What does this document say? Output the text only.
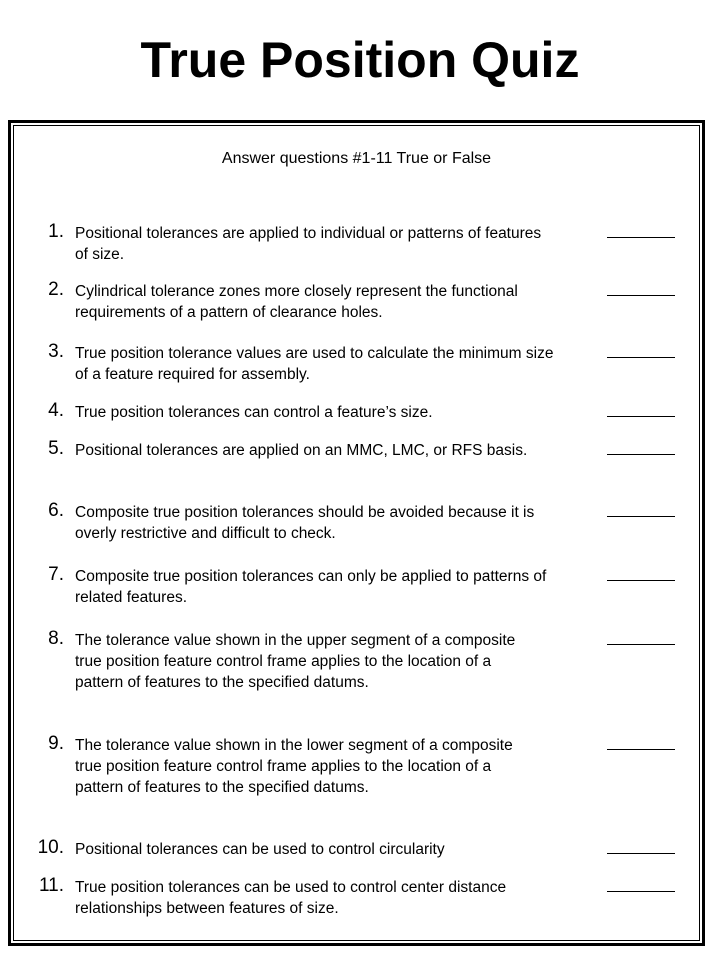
True Position Quiz
Answer questions #1-11 True or False
1. Positional tolerances are applied to individual or patterns of features of size.
2. Cylindrical tolerance zones more closely represent the functional requirements of a pattern of clearance holes.
3. True position tolerance values are used to calculate the minimum size of a feature required for assembly.
4. True position tolerances can control a feature’s size.
5. Positional tolerances are applied on an MMC, LMC, or RFS basis.
6. Composite true position tolerances should be avoided because it is overly restrictive and difficult to check.
7. Composite true position tolerances can only be applied to patterns of related features.
8. The tolerance value shown in the upper segment of a composite true position feature control frame applies to the location of a pattern of features to the specified datums.
9. The tolerance value shown in the lower segment of a composite true position feature control frame applies to the location of a pattern of features to the specified datums.
10. Positional tolerances can be used to control circularity
11. True position tolerances can be used to control center distance relationships between features of size.
